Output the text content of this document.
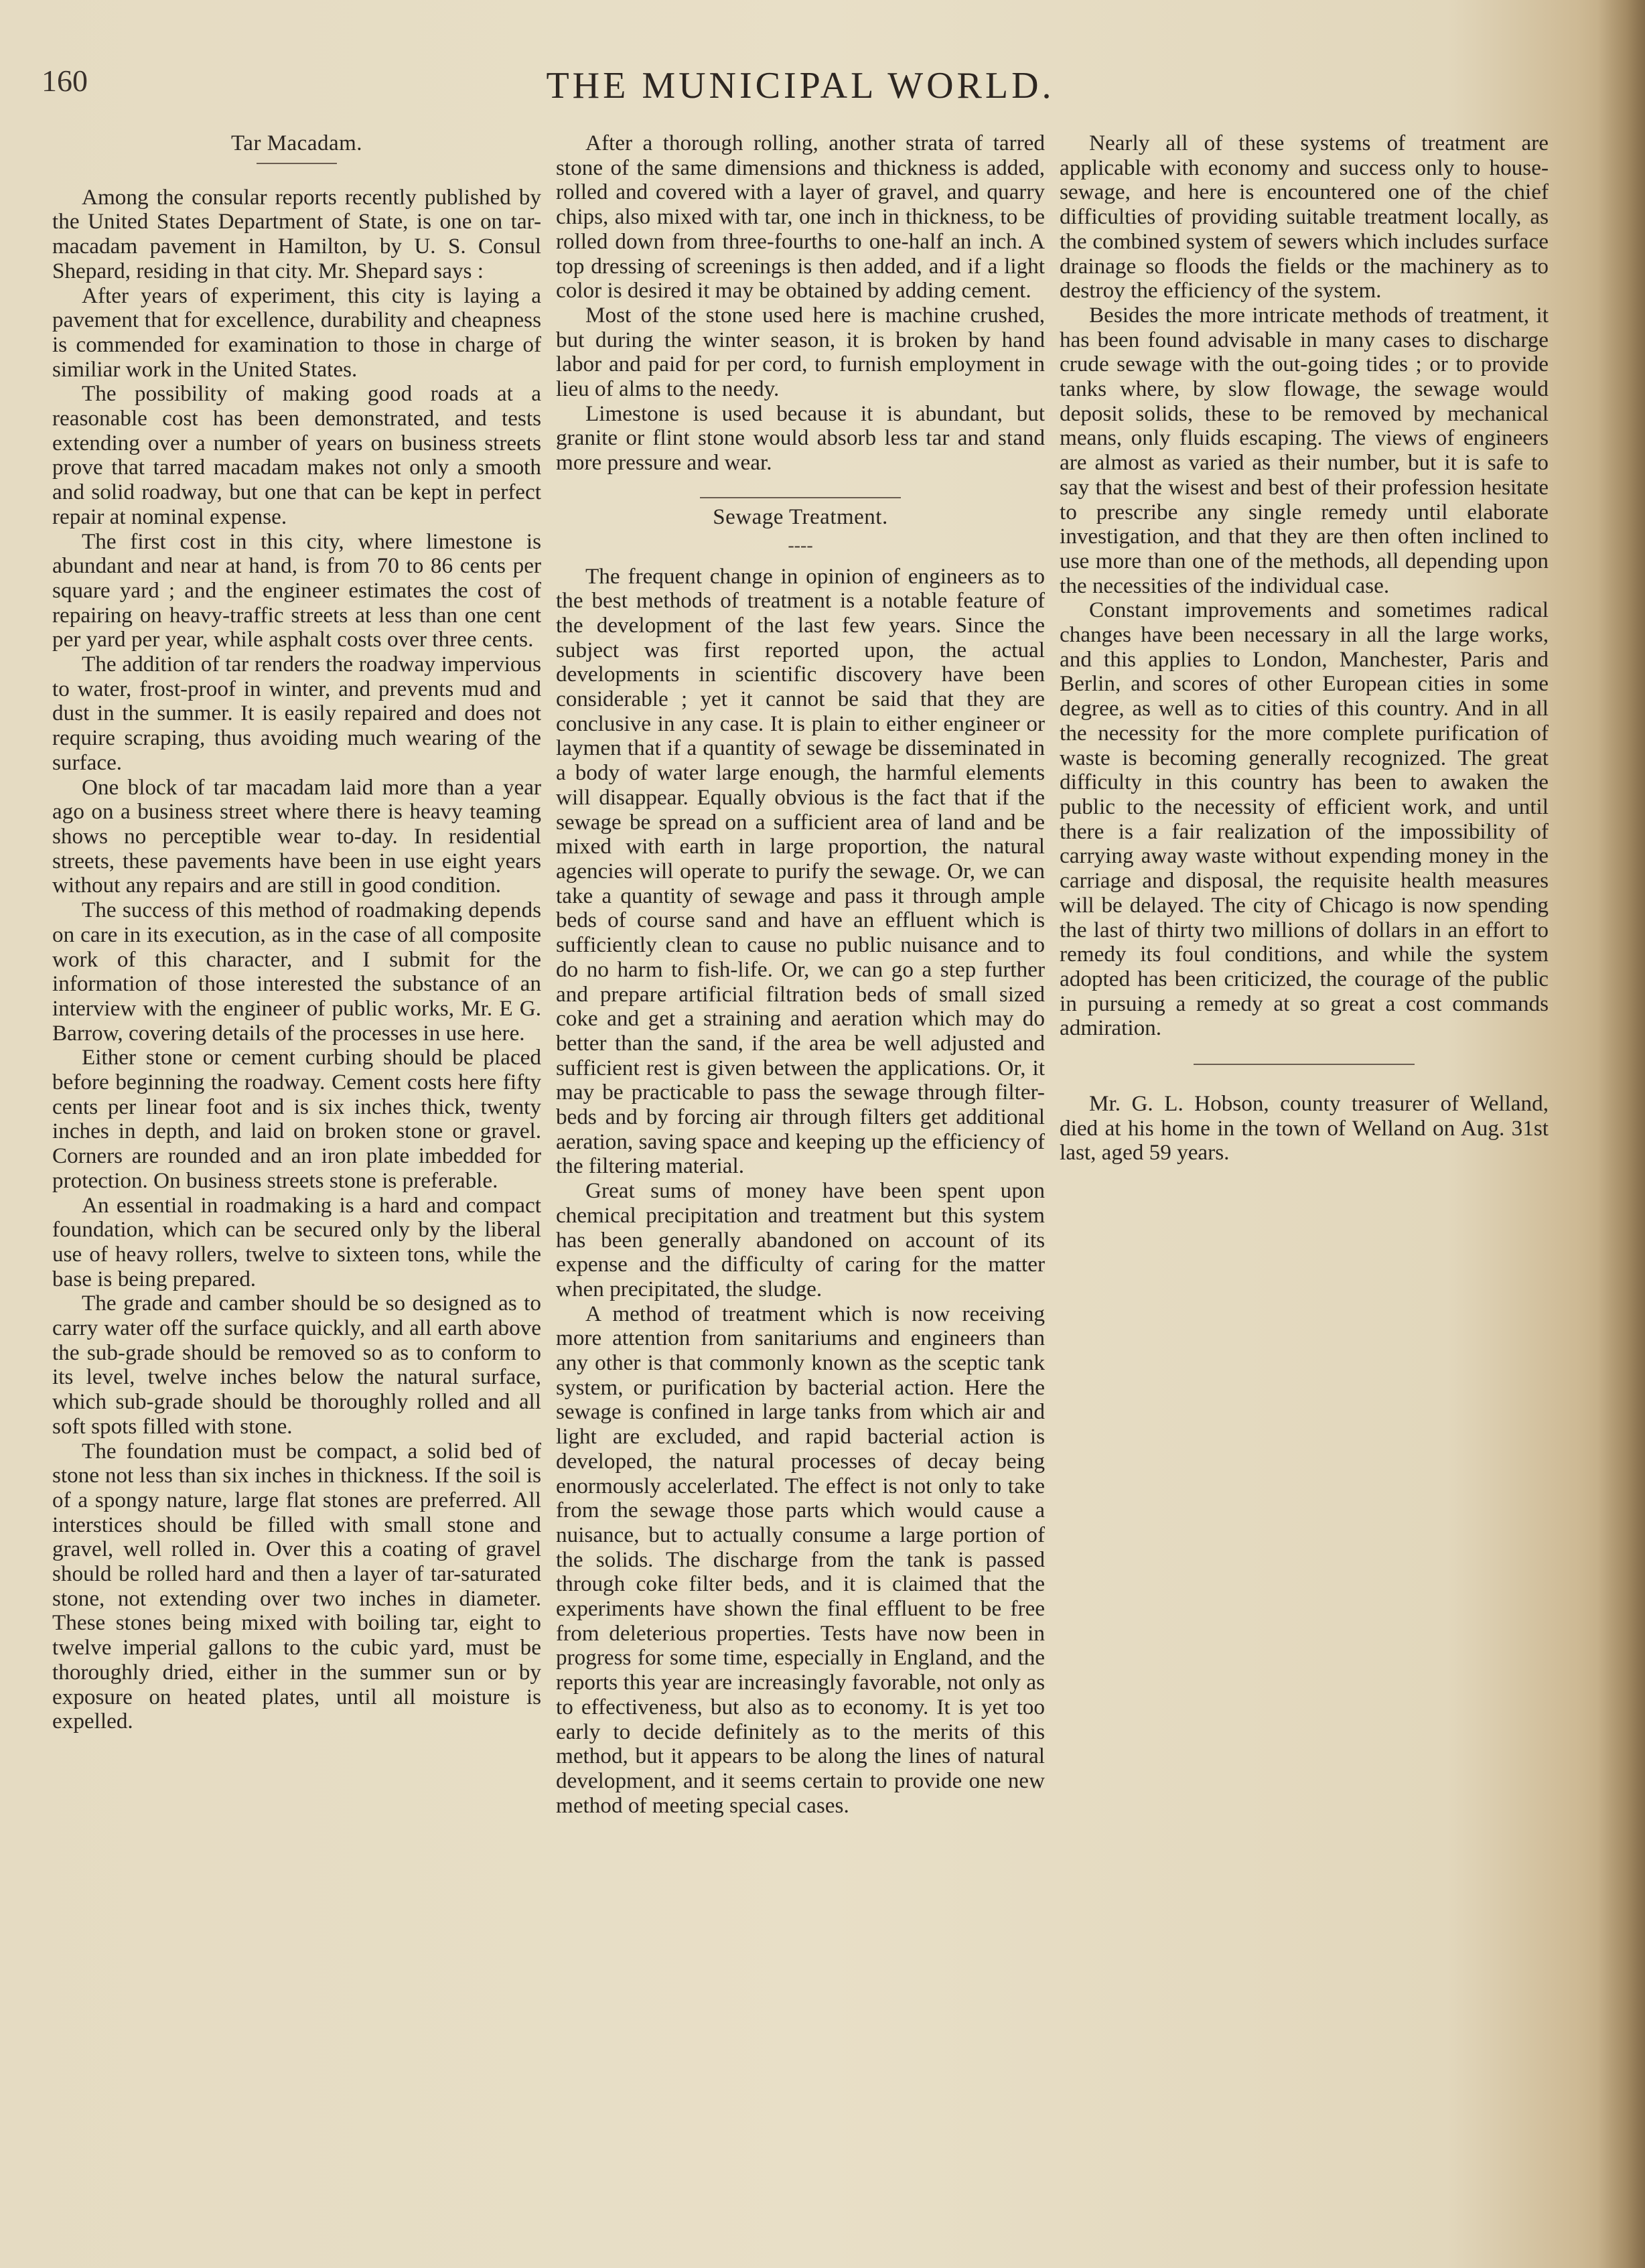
160	THE MUNICIPAL WORLD.
Tar Macadam.

Among the consular reports recently published by the United States Department of State, is one on tar-macadam pavement in Hamilton, by U. S. Consul Shepard, residing in that city. Mr. Shepard says :

After years of experiment, this city is laying a pavement that for excellence, durability and cheapness is commended for examination to those in charge of similiar work in the United States.

The possibility of making good roads at a reasonable cost has been demonstrated, and tests extending over a number of years on business streets prove that tarred macadam makes not only a smooth and solid roadway, but one that can be kept in perfect repair at nominal expense.

The first cost in this city, where limestone is abundant and near at hand, is from 70 to 86 cents per square yard ; and the engineer estimates the cost of repairing on heavy-traffic streets at less than one cent per yard per year, while asphalt costs over three cents.

The addition of tar renders the roadway impervious to water, frost-proof in winter, and prevents mud and dust in the summer. It is easily repaired and does not require scraping, thus avoiding much wearing of the surface.

One block of tar macadam laid more than a year ago on a business street where there is heavy teaming shows no perceptible wear to-day. In residential streets, these pavements have been in use eight years without any repairs and are still in good condition.

The success of this method of roadmaking depends on care in its execution, as in the case of all composite work of this character, and I submit for the information of those interested the substance of an interview with the engineer of public works, Mr. E G. Barrow, covering details of the processes in use here.

Either stone or cement curbing should be placed before beginning the roadway. Cement costs here fifty cents per linear foot and is six inches thick, twenty inches in depth, and laid on broken stone or gravel. Corners are rounded and an iron plate imbedded for protection. On business streets stone is preferable.

An essential in roadmaking is a hard and compact foundation, which can be secured only by the liberal use of heavy rollers, twelve to sixteen tons, while the base is being prepared.

The grade and camber should be so designed as to carry water off the surface quickly, and all earth above the sub-grade should be removed so as to conform to its level, twelve inches below the natural surface, which sub-grade should be thoroughly rolled and all soft spots filled with stone.

The foundation must be compact, a solid bed of stone not less than six inches in thickness. If the soil is of a spongy nature, large flat stones are preferred. All interstices should be filled with small stone and gravel, well rolled in. Over this a coating of gravel should be rolled hard and then a layer of tar-saturated stone, not extending over two inches in diameter. These stones being mixed with boiling tar, eight to twelve imperial gallons to the cubic yard, must be thoroughly dried, either in the summer sun or by exposure on heated plates, until all moisture is expelled.

After a thorough rolling, another strata of tarred stone of the same dimensions and thickness is added, rolled and covered with a layer of gravel, and quarry chips, also mixed with tar, one inch in thickness, to be rolled down from three-fourths to one-half an inch. A top dressing of screenings is then added, and if a light color is desired it may be obtained by adding cement.

Most of the stone used here is machine crushed, but during the winter season, it is broken by hand labor and paid for per cord, to furnish employment in lieu of alms to the needy.

Limestone is used because it is abundant, but granite or flint stone would absorb less tar and stand more pressure and wear.

Sewage Treatment.
----

The frequent change in opinion of engineers as to the best methods of treatment is a notable feature of the development of the last few years. Since the subject was first reported upon, the actual developments in scientific discovery have been considerable ; yet it cannot be said that they are conclusive in any case. It is plain to either engineer or laymen that if a quantity of sewage be disseminated in a body of water large enough, the harmful elements will disappear. Equally obvious is the fact that if the sewage be spread on a sufficient area of land and be mixed with earth in large proportion, the natural agencies will operate to purify the sewage. Or, we can take a quantity of sewage and pass it through ample beds of course sand and have an effluent which is sufficiently clean to cause no public nuisance and to do no harm to fish-life. Or, we can go a step further and prepare artificial filtration beds of small sized coke and get a straining and aeration which may do better than the sand, if the area be well adjusted and sufficient rest is given between the applications. Or, it may be practicable to pass the sewage through filter-beds and by forcing air through filters get additional aeration, saving space and keeping up the efficiency of the filtering material.

Great sums of money have been spent upon chemical precipitation and treatment but this system has been generally abandoned on account of its expense and the difficulty of caring for the matter when precipitated, the sludge.

A method of treatment which is now receiving more attention from sanitariums and engineers than any other is that commonly known as the sceptic tank system, or purification by bacterial action. Here the sewage is confined in large tanks from which air and light are excluded, and rapid bacterial action is developed, the natural processes of decay being enormously accelerlated. The effect is not only to take from the sewage those parts which would cause a nuisance, but to actually consume a large portion of the solids. The discharge from the tank is passed through coke filter beds, and it is claimed that the experiments have shown the final effluent to be free from deleterious properties. Tests have now been in progress for some time, especially in England, and the reports this year are increasingly favorable, not only as to effectiveness, but also as to economy. It is yet too early to decide definitely as to the merits of this method, but it appears to be along the lines of natural development, and it seems certain to provide one new method of meeting special cases.

Nearly all of these systems of treatment are applicable with economy and success only to house-sewage, and here is encountered one of the chief difficulties of providing suitable treatment locally, as the combined system of sewers which includes surface drainage so floods the fields or the machinery as to destroy the efficiency of the system.

Besides the more intricate methods of treatment, it has been found advisable in many cases to discharge crude sewage with the out-going tides ; or to provide tanks where, by slow flowage, the sewage would deposit solids, these to be removed by mechanical means, only fluids escaping. The views of engineers are almost as varied as their number, but it is safe to say that the wisest and best of their profession hesitate to prescribe any single remedy until elaborate investigation, and that they are then often inclined to use more than one of the methods, all depending upon the necessities of the individual case.

Constant improvements and sometimes radical changes have been necessary in all the large works, and this applies to London, Manchester, Paris and Berlin, and scores of other European cities in some degree, as well as to cities of this country. And in all the necessity for the more complete purification of waste is becoming generally recognized. The great difficulty in this country has been to awaken the public to the necessity of efficient work, and until there is a fair realization of the impossibility of carrying away waste without expending money in the carriage and disposal, the requisite health measures will be delayed. The city of Chicago is now spending the last of thirty two millions of dollars in an effort to remedy its foul conditions, and while the system adopted has been criticized, the courage of the public in pursuing a remedy at so great a cost commands admiration.

Mr. G. L. Hobson, county treasurer of Welland, died at his home in the town of Welland on Aug. 31st last, aged 59 years.
